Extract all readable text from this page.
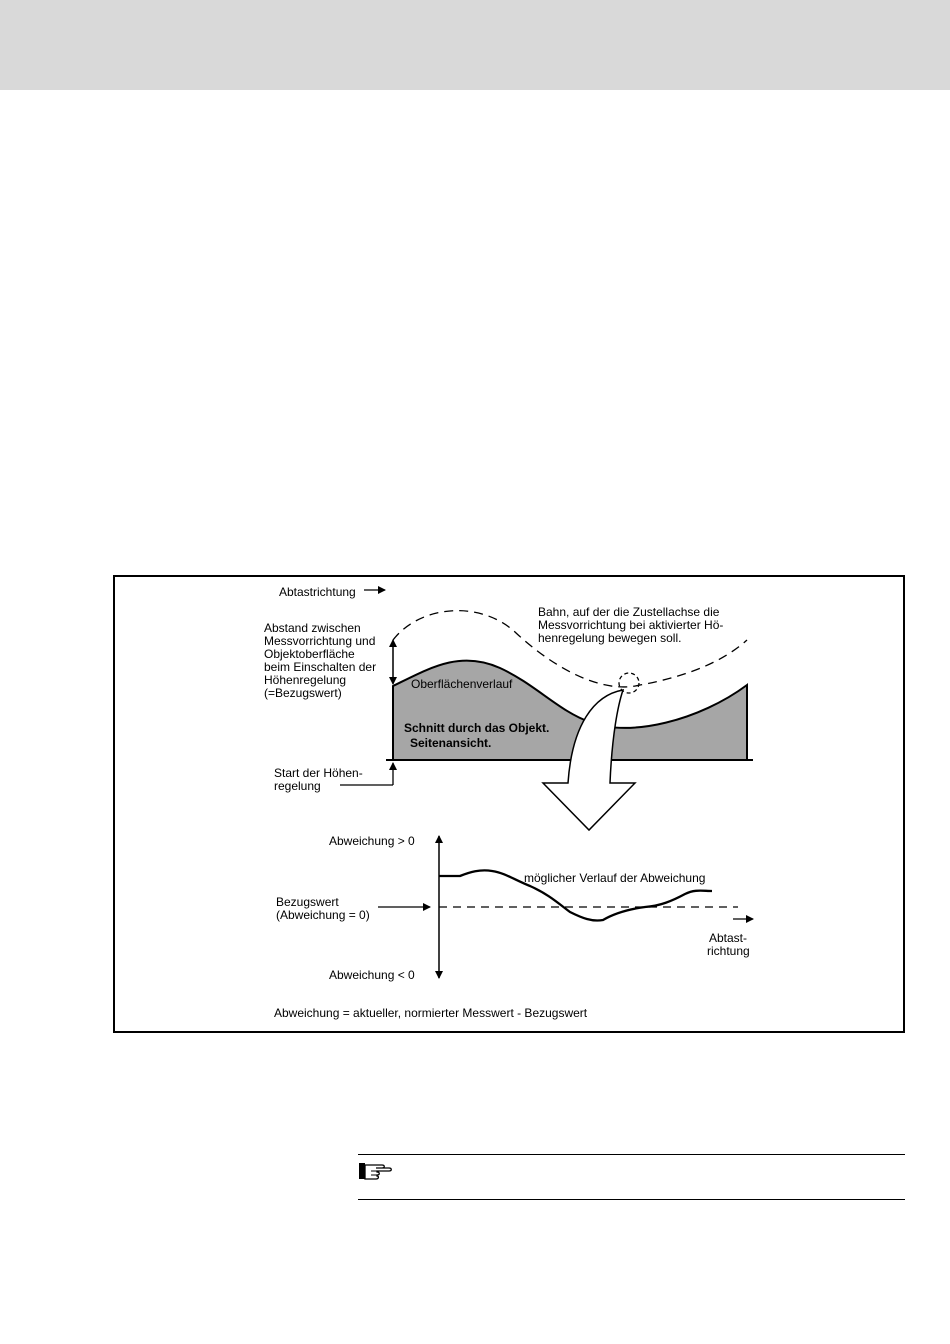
Abtastrichtung
Abstand zwischen
Messvorrichtung und
Objektoberfläche
beim Einschalten der
Höhenregelung
(=Bezugswert)
Bahn, auf der die Zustellachse die
Messvorrichtung bei aktivierter Hö-
henregelung bewegen soll.
Oberflächenverlauf
Schnitt durch das Objekt.
Seitenansicht.
Start der Höhen-
regelung
Abweichung > 0
Bezugswert
(Abweichung = 0)
möglicher Verlauf der Abweichung
Abtast-
richtung
Abweichung < 0
Abweichung = aktueller, normierter Messwert - Bezugswert
